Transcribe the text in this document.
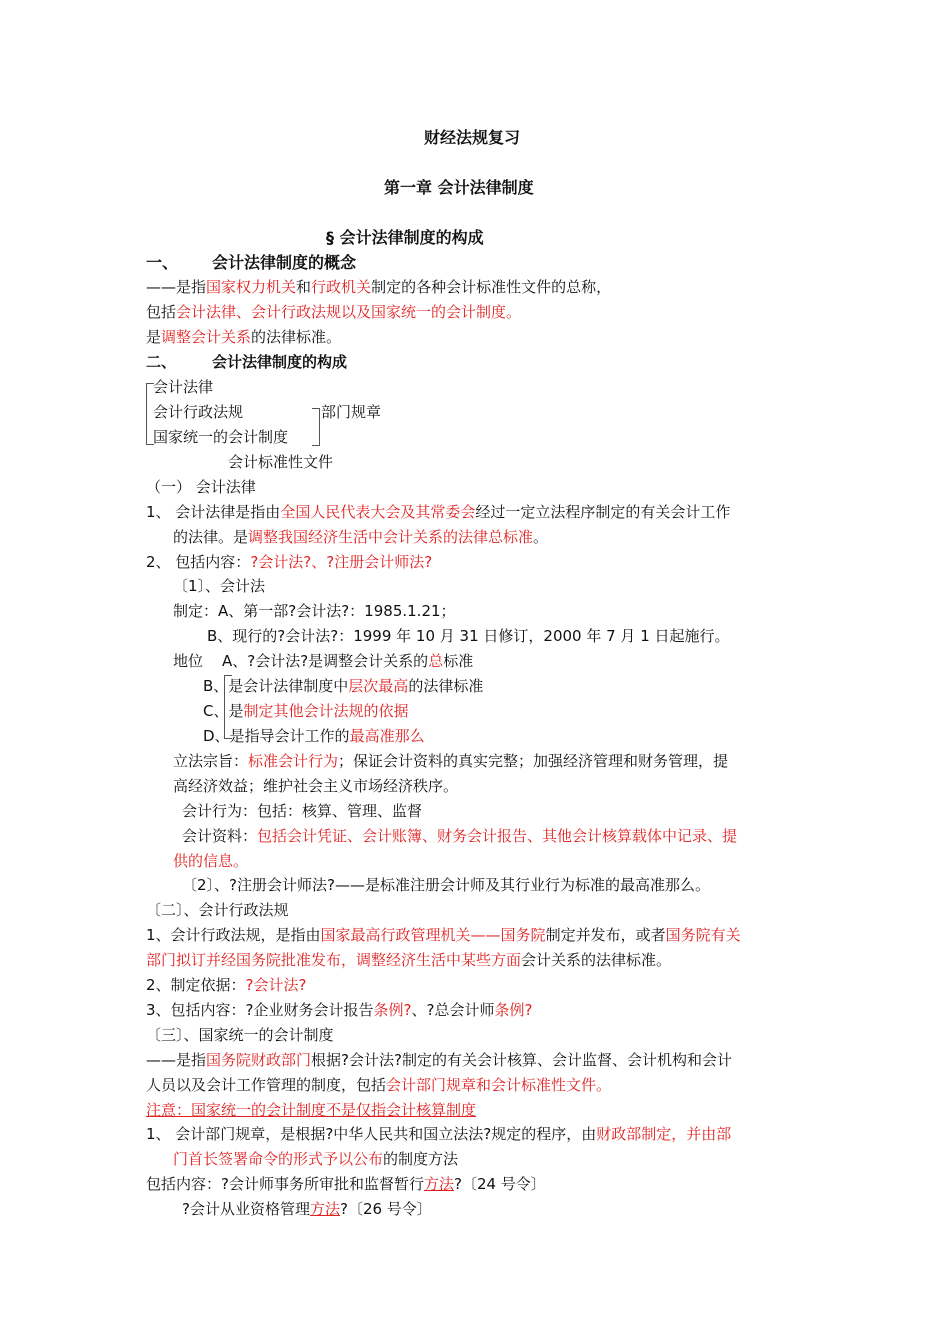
财经法规复习
第一章 会计法律制度
§ 会计法律制度的构成
一、 会计法律制度的概念
——是指国家权力机关和行政机关制定的各种会计标准性文件的总称，
包括会计法律、会计行政法规以及国家统一的会计制度。
是调整会计关系的法律标准。
二、 会计法律制度的构成
会计法律
会计行政法规	部门规章
国家统一的会计制度
会计标准性文件
（一） 会计法律
1、 会计法律是指由全国人民代表大会及其常委会经过一定立法程序制定的有关会计工作
的法律。是调整我国经济生活中会计关系的法律总标准。
2、 包括内容：?会计法?、?注册会计师法?
〔1〕、会计法
制定：A、第一部?会计法?：1985.1.21；
B、现行的?会计法?：1999 年 10 月 31 日修订，2000 年 7 月 1 日起施行。
地位 A、?会计法?是调整会计关系的总标准
B、是会计法律制度中层次最高的法律标准
C、是制定其他会计法规的依据
D、是指导会计工作的最高准那么
立法宗旨：标准会计行为；保证会计资料的真实完整；加强经济管理和财务管理，提
高经济效益；维护社会主义市场经济秩序。
会计行为：包括：核算、管理、监督
会计资料：包括会计凭证、会计账簿、财务会计报告、其他会计核算载体中记录、提
供的信息。
〔2〕、?注册会计师法?——是标准注册会计师及其行业行为标准的最高准那么。
〔二〕、会计行政法规
1、会计行政法规，是指由国家最高行政管理机关——国务院制定并发布，或者国务院有关
部门拟订并经国务院批准发布，调整经济生活中某些方面会计关系的法律标准。
2、制定依据：?会计法?
3、包括内容：?企业财务会计报告条例?、?总会计师条例?
〔三〕、国家统一的会计制度
——是指国务院财政部门根据?会计法?制定的有关会计核算、会计监督、会计机构和会计
人员以及会计工作管理的制度，包括会计部门规章和会计标准性文件。
注意：国家统一的会计制度不是仅指会计核算制度
1、 会计部门规章，是根据?中华人民共和国立法法?规定的程序，由财政部制定，并由部
门首长签署命令的形式予以公布的制度方法
包括内容：?会计师事务所审批和监督暂行方法?〔24 号令〕
?会计从业资格管理方法?〔26 号令〕
